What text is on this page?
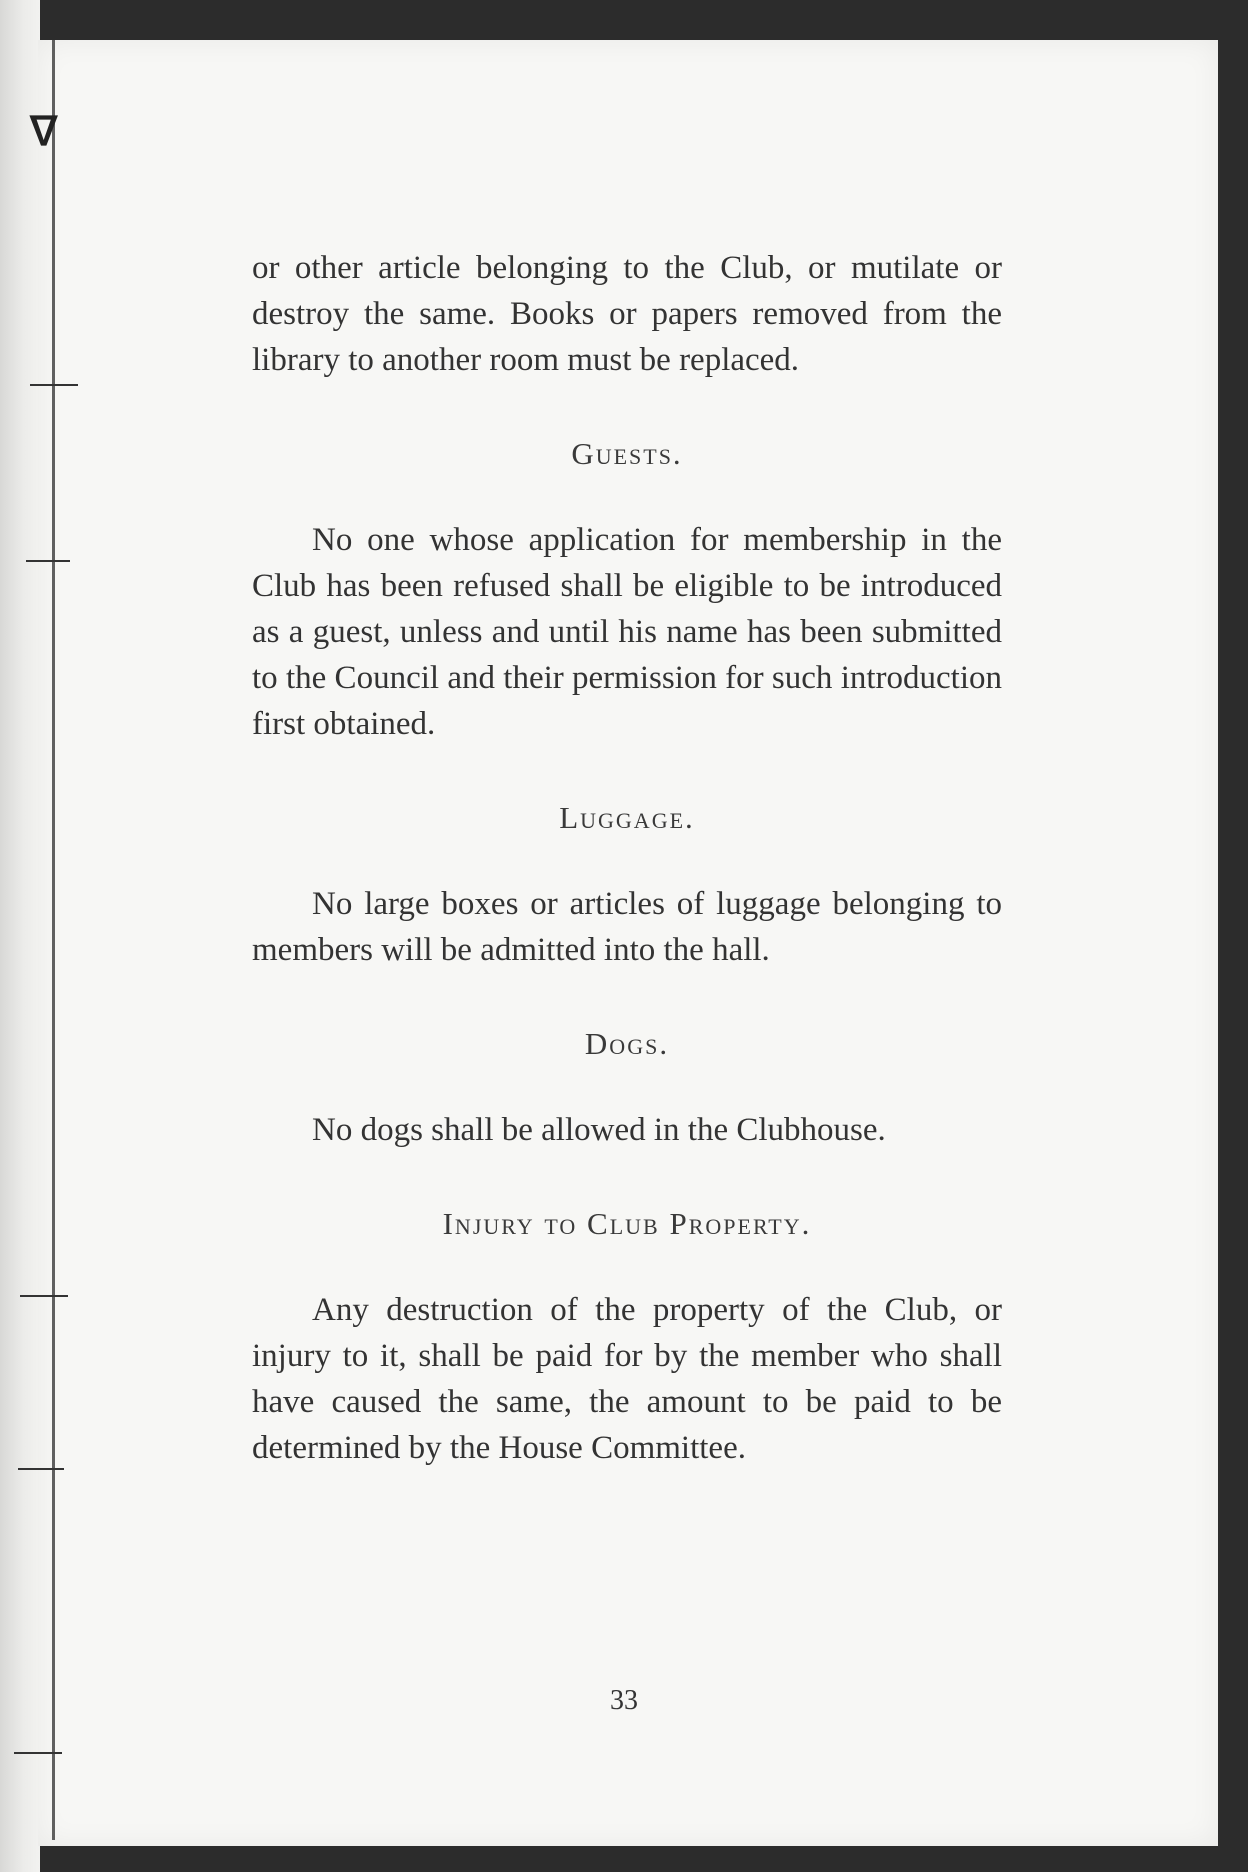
ᐁ

or other article belonging to the Club, or mutilate or destroy the same. Books or papers removed from the library to another room must be replaced.

Guests.

No one whose application for membership in the Club has been refused shall be eligible to be introduced as a guest, unless and until his name has been submitted to the Council and their permission for such introduction first obtained.

Luggage.

No large boxes or articles of luggage belonging to members will be admitted into the hall.

Dogs.

No dogs shall be allowed in the Clubhouse.

Injury to Club Property.

Any destruction of the property of the Club, or injury to it, shall be paid for by the member who shall have caused the same, the amount to be paid to be determined by the House Committee.

33
